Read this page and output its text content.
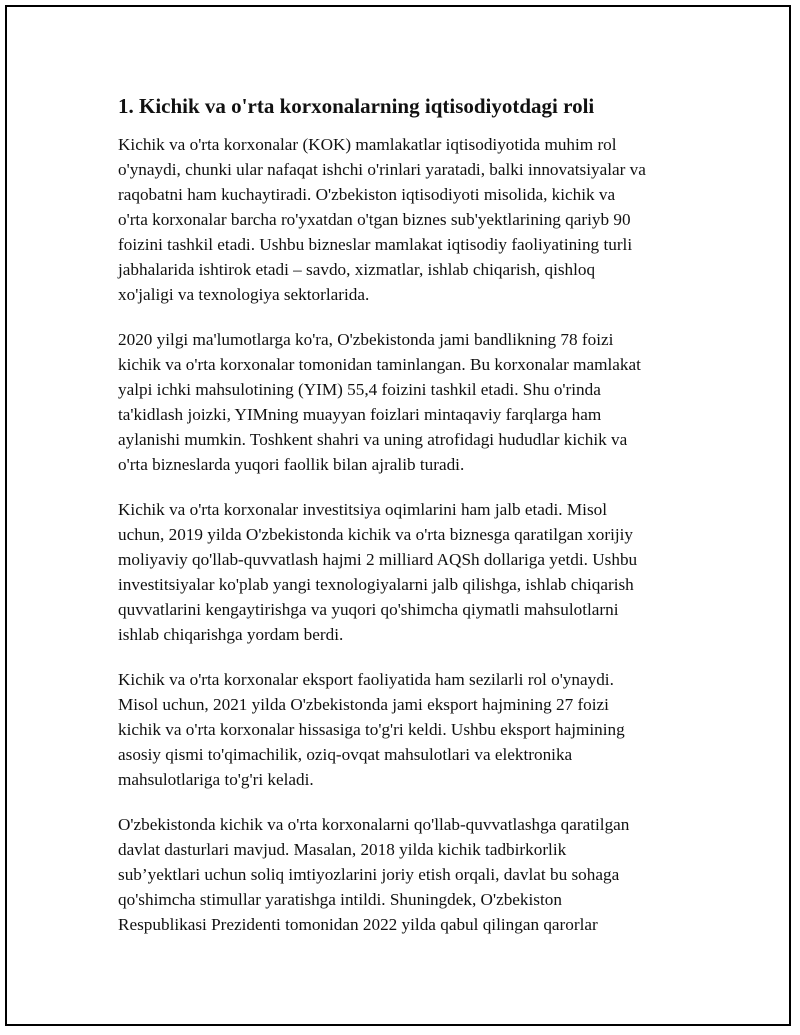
1. Kichik va o'rta korxonalarning iqtisodiyotdagi roli

Kichik va o'rta korxonalar (KOK) mamlakatlar iqtisodiyotida muhim rol
o'ynaydi, chunki ular nafaqat ishchi o'rinlari yaratadi, balki innovatsiyalar va
raqobatni ham kuchaytiradi. O'zbekiston iqtisodiyoti misolida, kichik va
o'rta korxonalar barcha ro'yxatdan o'tgan biznes sub'yektlarining qariyb 90
foizini tashkil etadi. Ushbu bizneslar mamlakat iqtisodiy faoliyatining turli
jabhalarida ishtirok etadi – savdo, xizmatlar, ishlab chiqarish, qishloq
xo'jaligi va texnologiya sektorlarida.

2020 yilgi ma'lumotlarga ko'ra, O'zbekistonda jami bandlikning 78 foizi
kichik va o'rta korxonalar tomonidan taminlangan. Bu korxonalar mamlakat
yalpi ichki mahsulotining (YIM) 55,4 foizini tashkil etadi. Shu o'rinda
ta'kidlash joizki, YIMning muayyan foizlari mintaqaviy farqlarga ham
aylanishi mumkin. Toshkent shahri va uning atrofidagi hududlar kichik va
o'rta bizneslarda yuqori faollik bilan ajralib turadi.

Kichik va o'rta korxonalar investitsiya oqimlarini ham jalb etadi. Misol
uchun, 2019 yilda O'zbekistonda kichik va o'rta biznesga qaratilgan xorijiy
moliyaviy qo'llab-quvvatlash hajmi 2 milliard AQSh dollariga yetdi. Ushbu
investitsiyalar ko'plab yangi texnologiyalarni jalb qilishga, ishlab chiqarish
quvvatlarini kengaytirishga va yuqori qo'shimcha qiymatli mahsulotlarni
ishlab chiqarishga yordam berdi.

Kichik va o'rta korxonalar eksport faoliyatida ham sezilarli rol o'ynaydi.
Misol uchun, 2021 yilda O'zbekistonda jami eksport hajmining 27 foizi
kichik va o'rta korxonalar hissasiga to'g'ri keldi. Ushbu eksport hajmining
asosiy qismi to'qimachilik, oziq-ovqat mahsulotlari va elektronika
mahsulotlariga to'g'ri keladi.

O'zbekistonda kichik va o'rta korxonalarni qo'llab-quvvatlashga qaratilgan
davlat dasturlari mavjud. Masalan, 2018 yilda kichik tadbirkorlik
sub’yektlari uchun soliq imtiyozlarini joriy etish orqali, davlat bu sohaga
qo'shimcha stimullar yaratishga intildi. Shuningdek, O'zbekiston
Respublikasi Prezidenti tomonidan 2022 yilda qabul qilingan qarorlar
